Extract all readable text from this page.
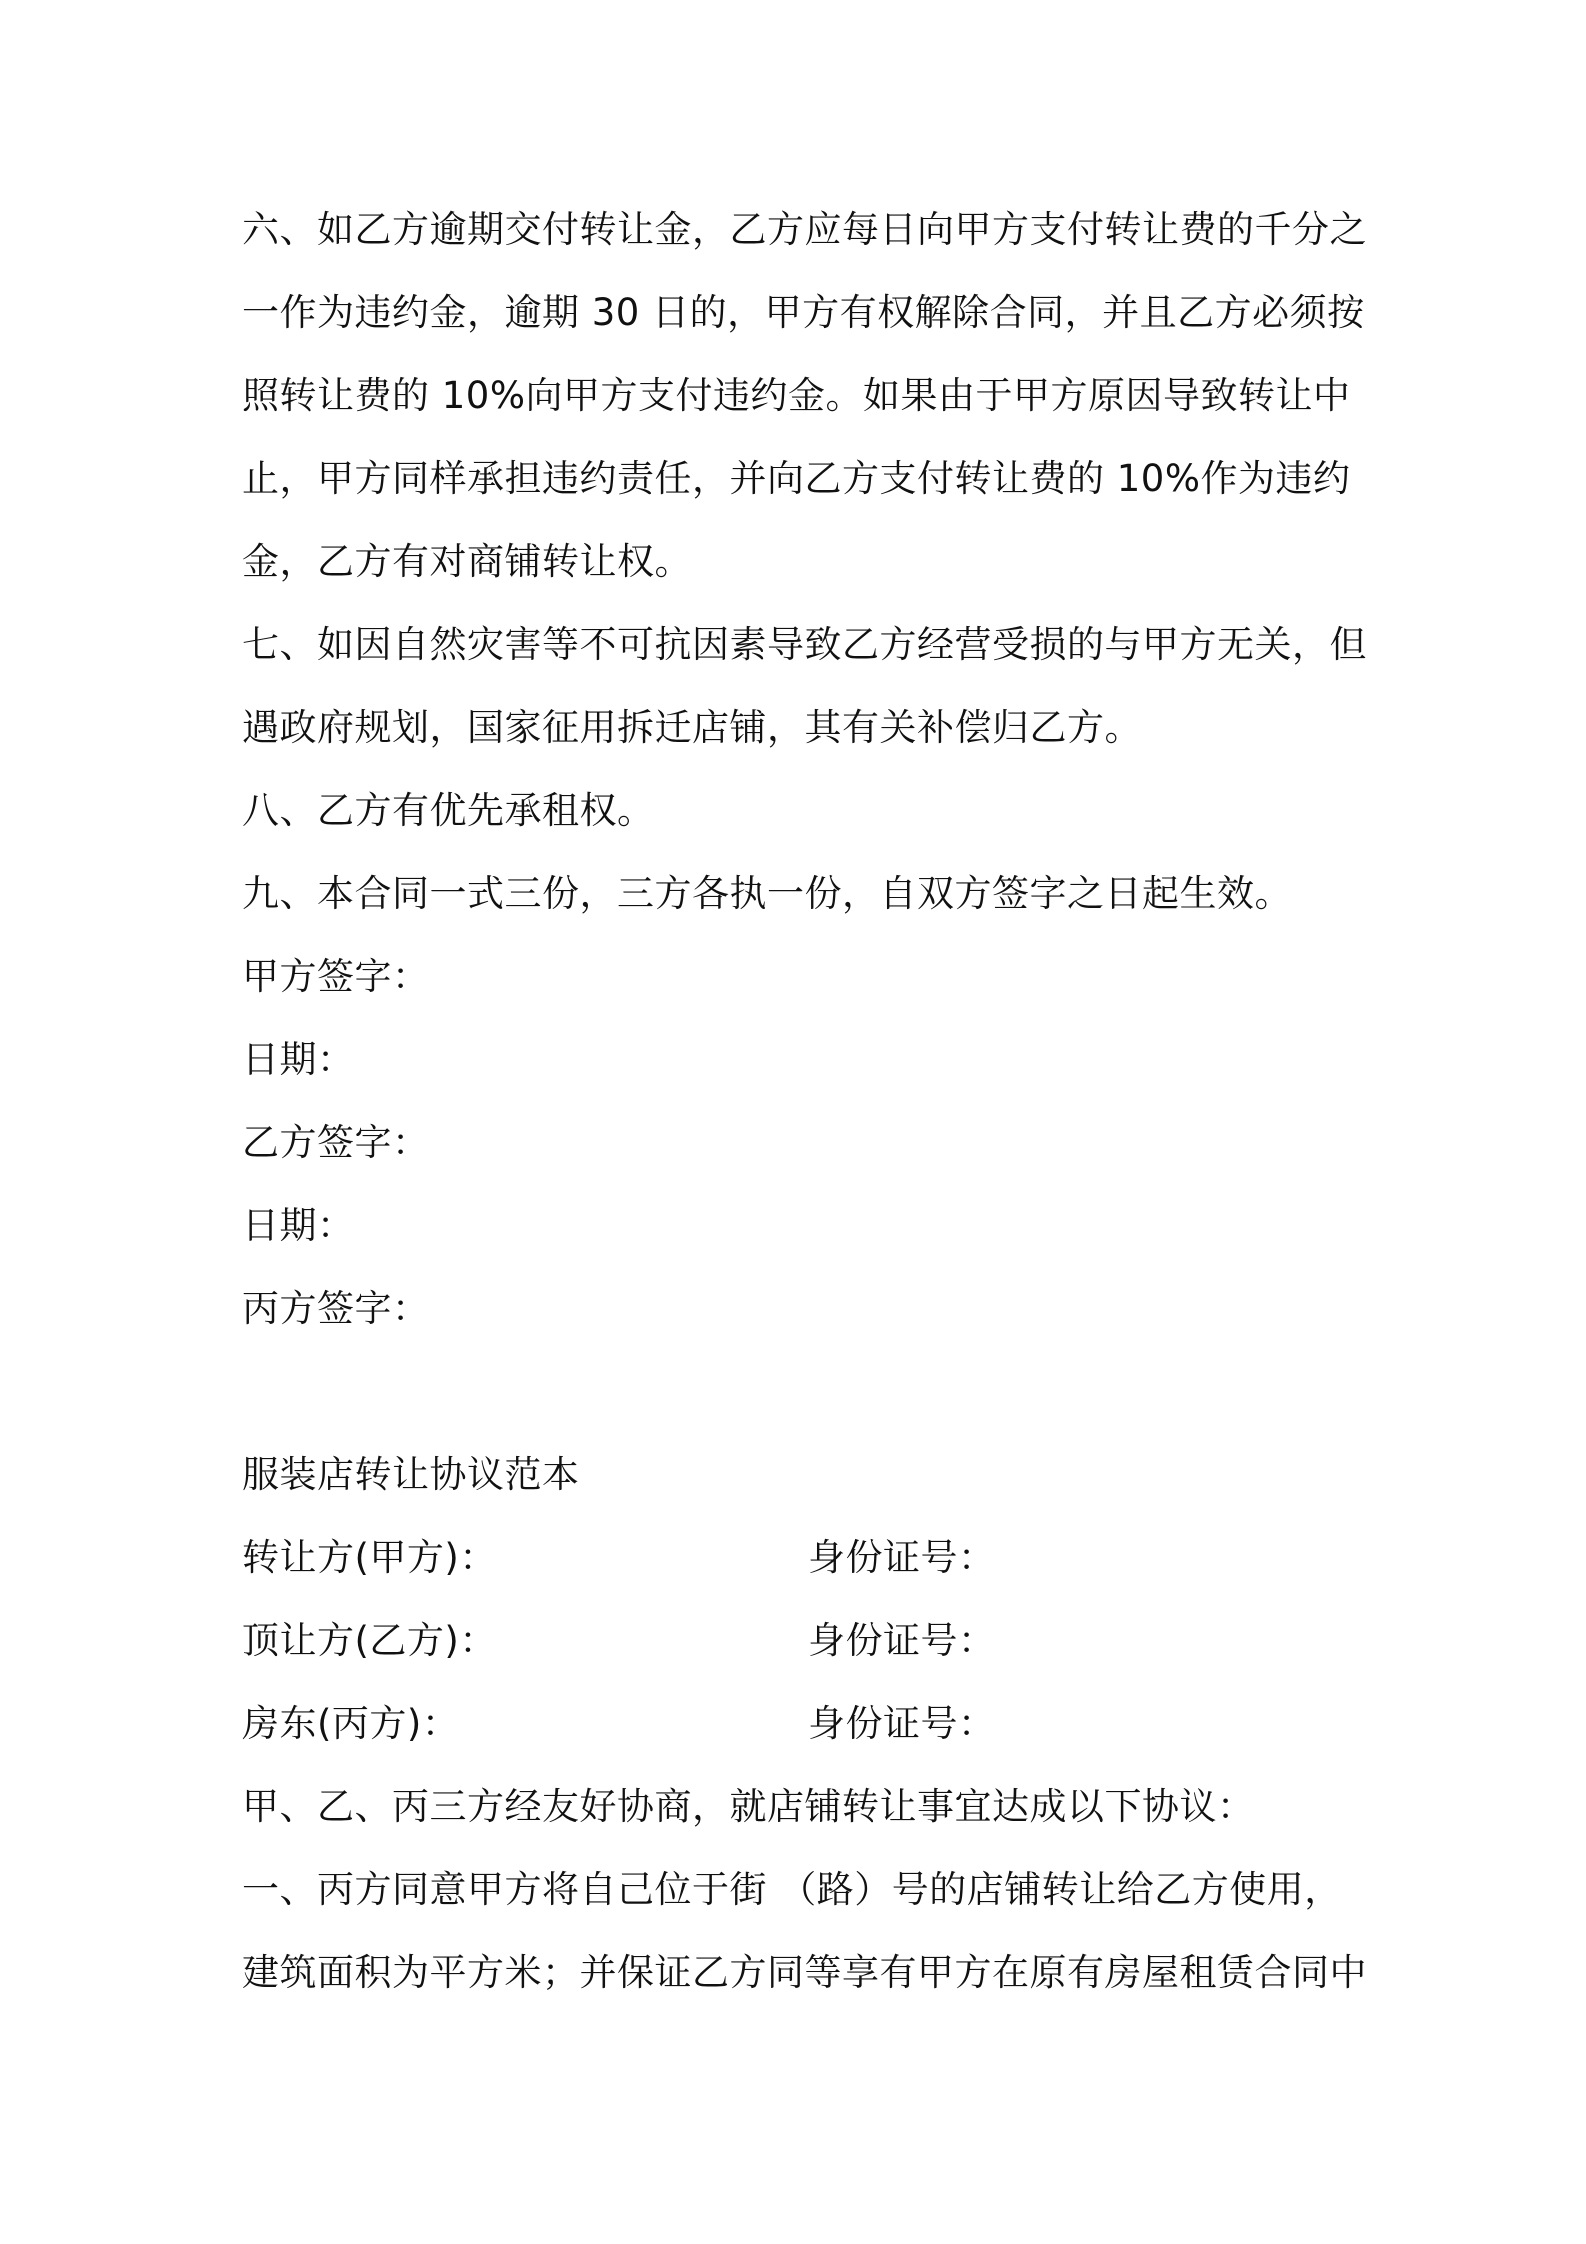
六、如乙方逾期交付转让金，乙方应每日向甲方支付转让费的千分之
一作为违约金，逾期 30 日的，甲方有权解除合同，并且乙方必须按
照转让费的 10%向甲方支付违约金。如果由于甲方原因导致转让中
止，甲方同样承担违约责任，并向乙方支付转让费的 10%作为违约
金，乙方有对商铺转让权。
七、如因自然灾害等不可抗因素导致乙方经营受损的与甲方无关，但
遇政府规划，国家征用拆迁店铺，其有关补偿归乙方。
八、乙方有优先承租权。
九、本合同一式三份，三方各执一份，自双方签字之日起生效。
甲方签字：
日期：
乙方签字：
日期：
丙方签字：
服装店转让协议范本
转让方(甲方)：	身份证号：
顶让方(乙方)：	身份证号：
房东(丙方)：	身份证号：
甲、乙、丙三方经友好协商，就店铺转让事宜达成以下协议：
一、丙方同意甲方将自己位于街 （路）号的店铺转让给乙方使用，
建筑面积为平方米；并保证乙方同等享有甲方在原有房屋租赁合同中
